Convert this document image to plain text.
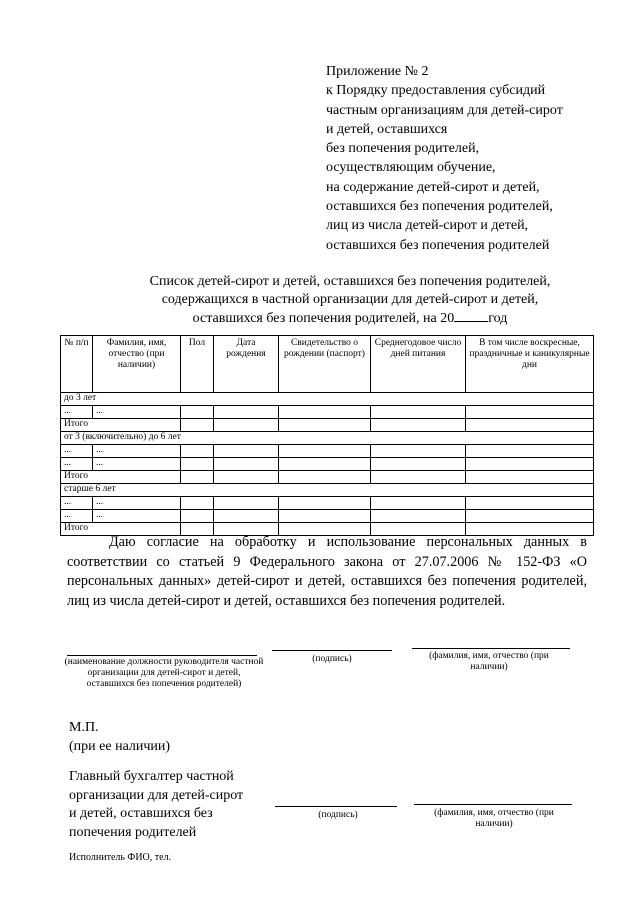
Приложение № 2
к Порядку предоставления субсидий
частным организациям для детей-сирот
и детей, оставшихся
без попечения родителей,
осуществляющим обучение,
на содержание детей-сирот и детей,
оставшихся без попечения родителей,
лиц из числа детей-сирот и детей,
оставшихся без попечения родителей
Список детей-сирот и детей, оставшихся без попечения родителей,
содержащихся в частной организации для детей-сирот и детей,
оставшихся без попечения родителей, на 20 год
№ п/п	Фамилия, имя, отчество (при наличии)	Пол	Дата рождения	Свидетельство о рождении (паспорт)	Среднегодовое число дней питания	В том числе воскресные, праздничные и каникулярные дни
до 3 лет						
...	...					
Итого						
от 3 (включительно) до 6 лет						
...	...					
...	...					
Итого						
старше 6 лет						
...	...					
...	...					
Итого						

Даю согласие на обработку и использование персональных данных в соответствии со статьей 9 Федерального закона от 27.07.2006 № 152-ФЗ «О персональных данных» детей-сирот и детей, оставшихся без попечения родителей, лиц из числа детей-сирот и детей, оставшихся без попечения родителей.

(наименование должности руководителя частной организации для детей-сирот и детей, оставшихся без попечения родителей)
(подпись)	(фамилия, имя, отчество (при наличии)
М.П.
(при ее наличии)
Главный бухгалтер частной
организации для детей-сирот
и детей, оставшихся без
попечения родителей
(подпись)	(фамилия, имя, отчество (при наличии)
Исполнитель ФИО, тел.
